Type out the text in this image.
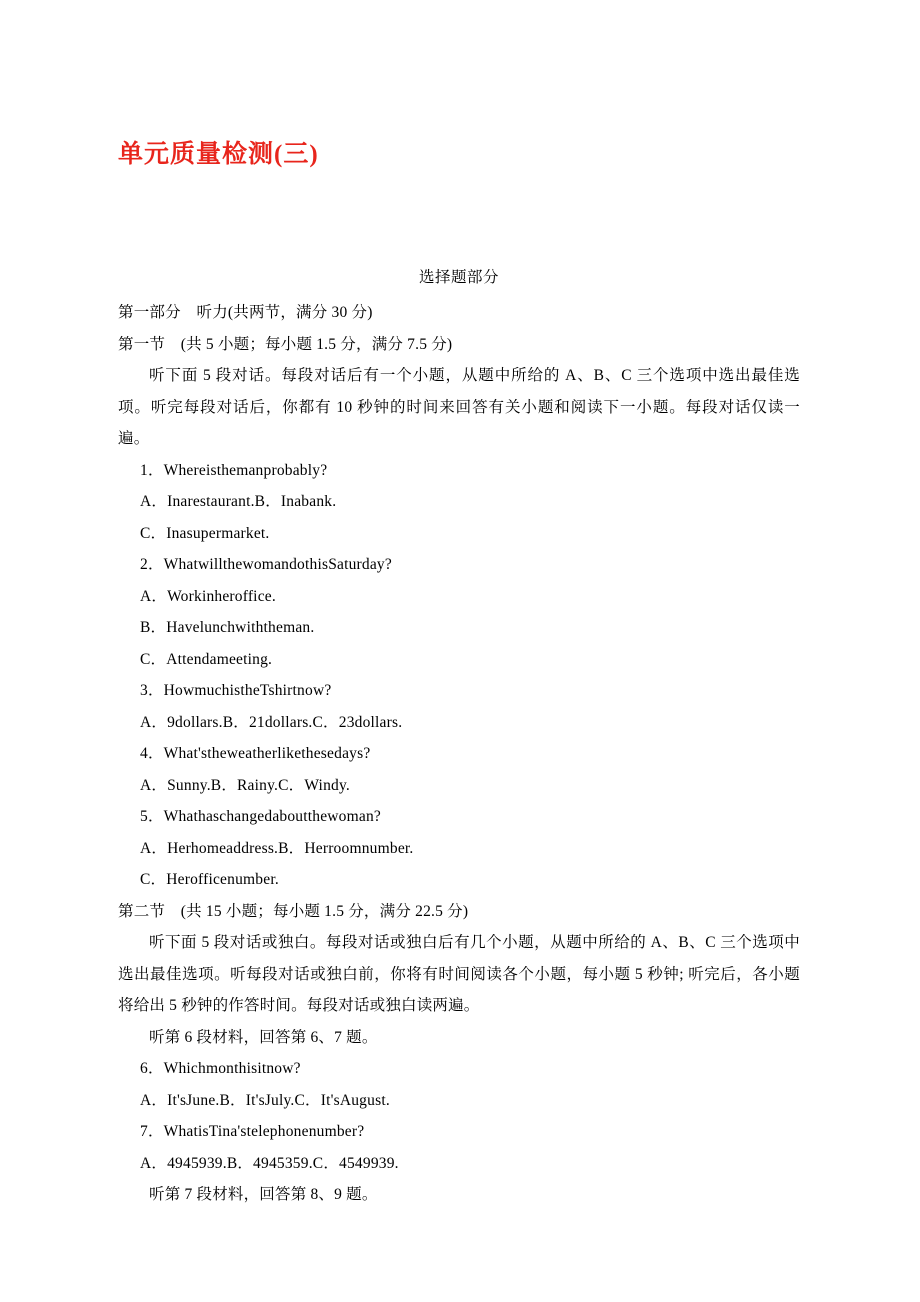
单元质量检测(三)
选择题部分

第一部分　听力(共两节，满分 30 分)

第一节　(共 5 小题；每小题 1.5 分，满分 7.5 分)

听下面 5 段对话。每段对话后有一个小题，从题中所给的 A、B、C 三个选项中选出最佳选项。听完每段对话后，你都有 10 秒钟的时间来回答有关小题和阅读下一小题。每段对话仅读一遍。

1．Whereisthemanprobably?

A．Inarestaurant.B．Inabank.

C．Inasupermarket.

2．WhatwillthewomandothisSaturday?

A．Workinheroffice.

B．Havelunchwiththeman.

C．Attendameeting.

3．HowmuchistheTshirtnow?

A．9dollars.B．21dollars.C．23dollars.

4．What'stheweatherlikethesedays?

A．Sunny.B．Rainy.C．Windy.

5．Whathaschangedaboutthewoman?

A．Herhomeaddress.B．Herroomnumber.

C．Herofficenumber.

第二节　(共 15 小题；每小题 1.5 分，满分 22.5 分)

听下面 5 段对话或独白。每段对话或独白后有几个小题，从题中所给的 A、B、C 三个选项中选出最佳选项。听每段对话或独白前，你将有时间阅读各个小题，每小题 5 秒钟; 听完后，各小题将给出 5 秒钟的作答时间。每段对话或独白读两遍。

听第 6 段材料，回答第 6、7 题。

6．Whichmonthisitnow?

A．It'sJune.B．It'sJuly.C．It'sAugust.

7．WhatisTina'stelephonenumber?

A．4945939.B．4945359.C．4549939.

听第 7 段材料，回答第 8、9 题。
